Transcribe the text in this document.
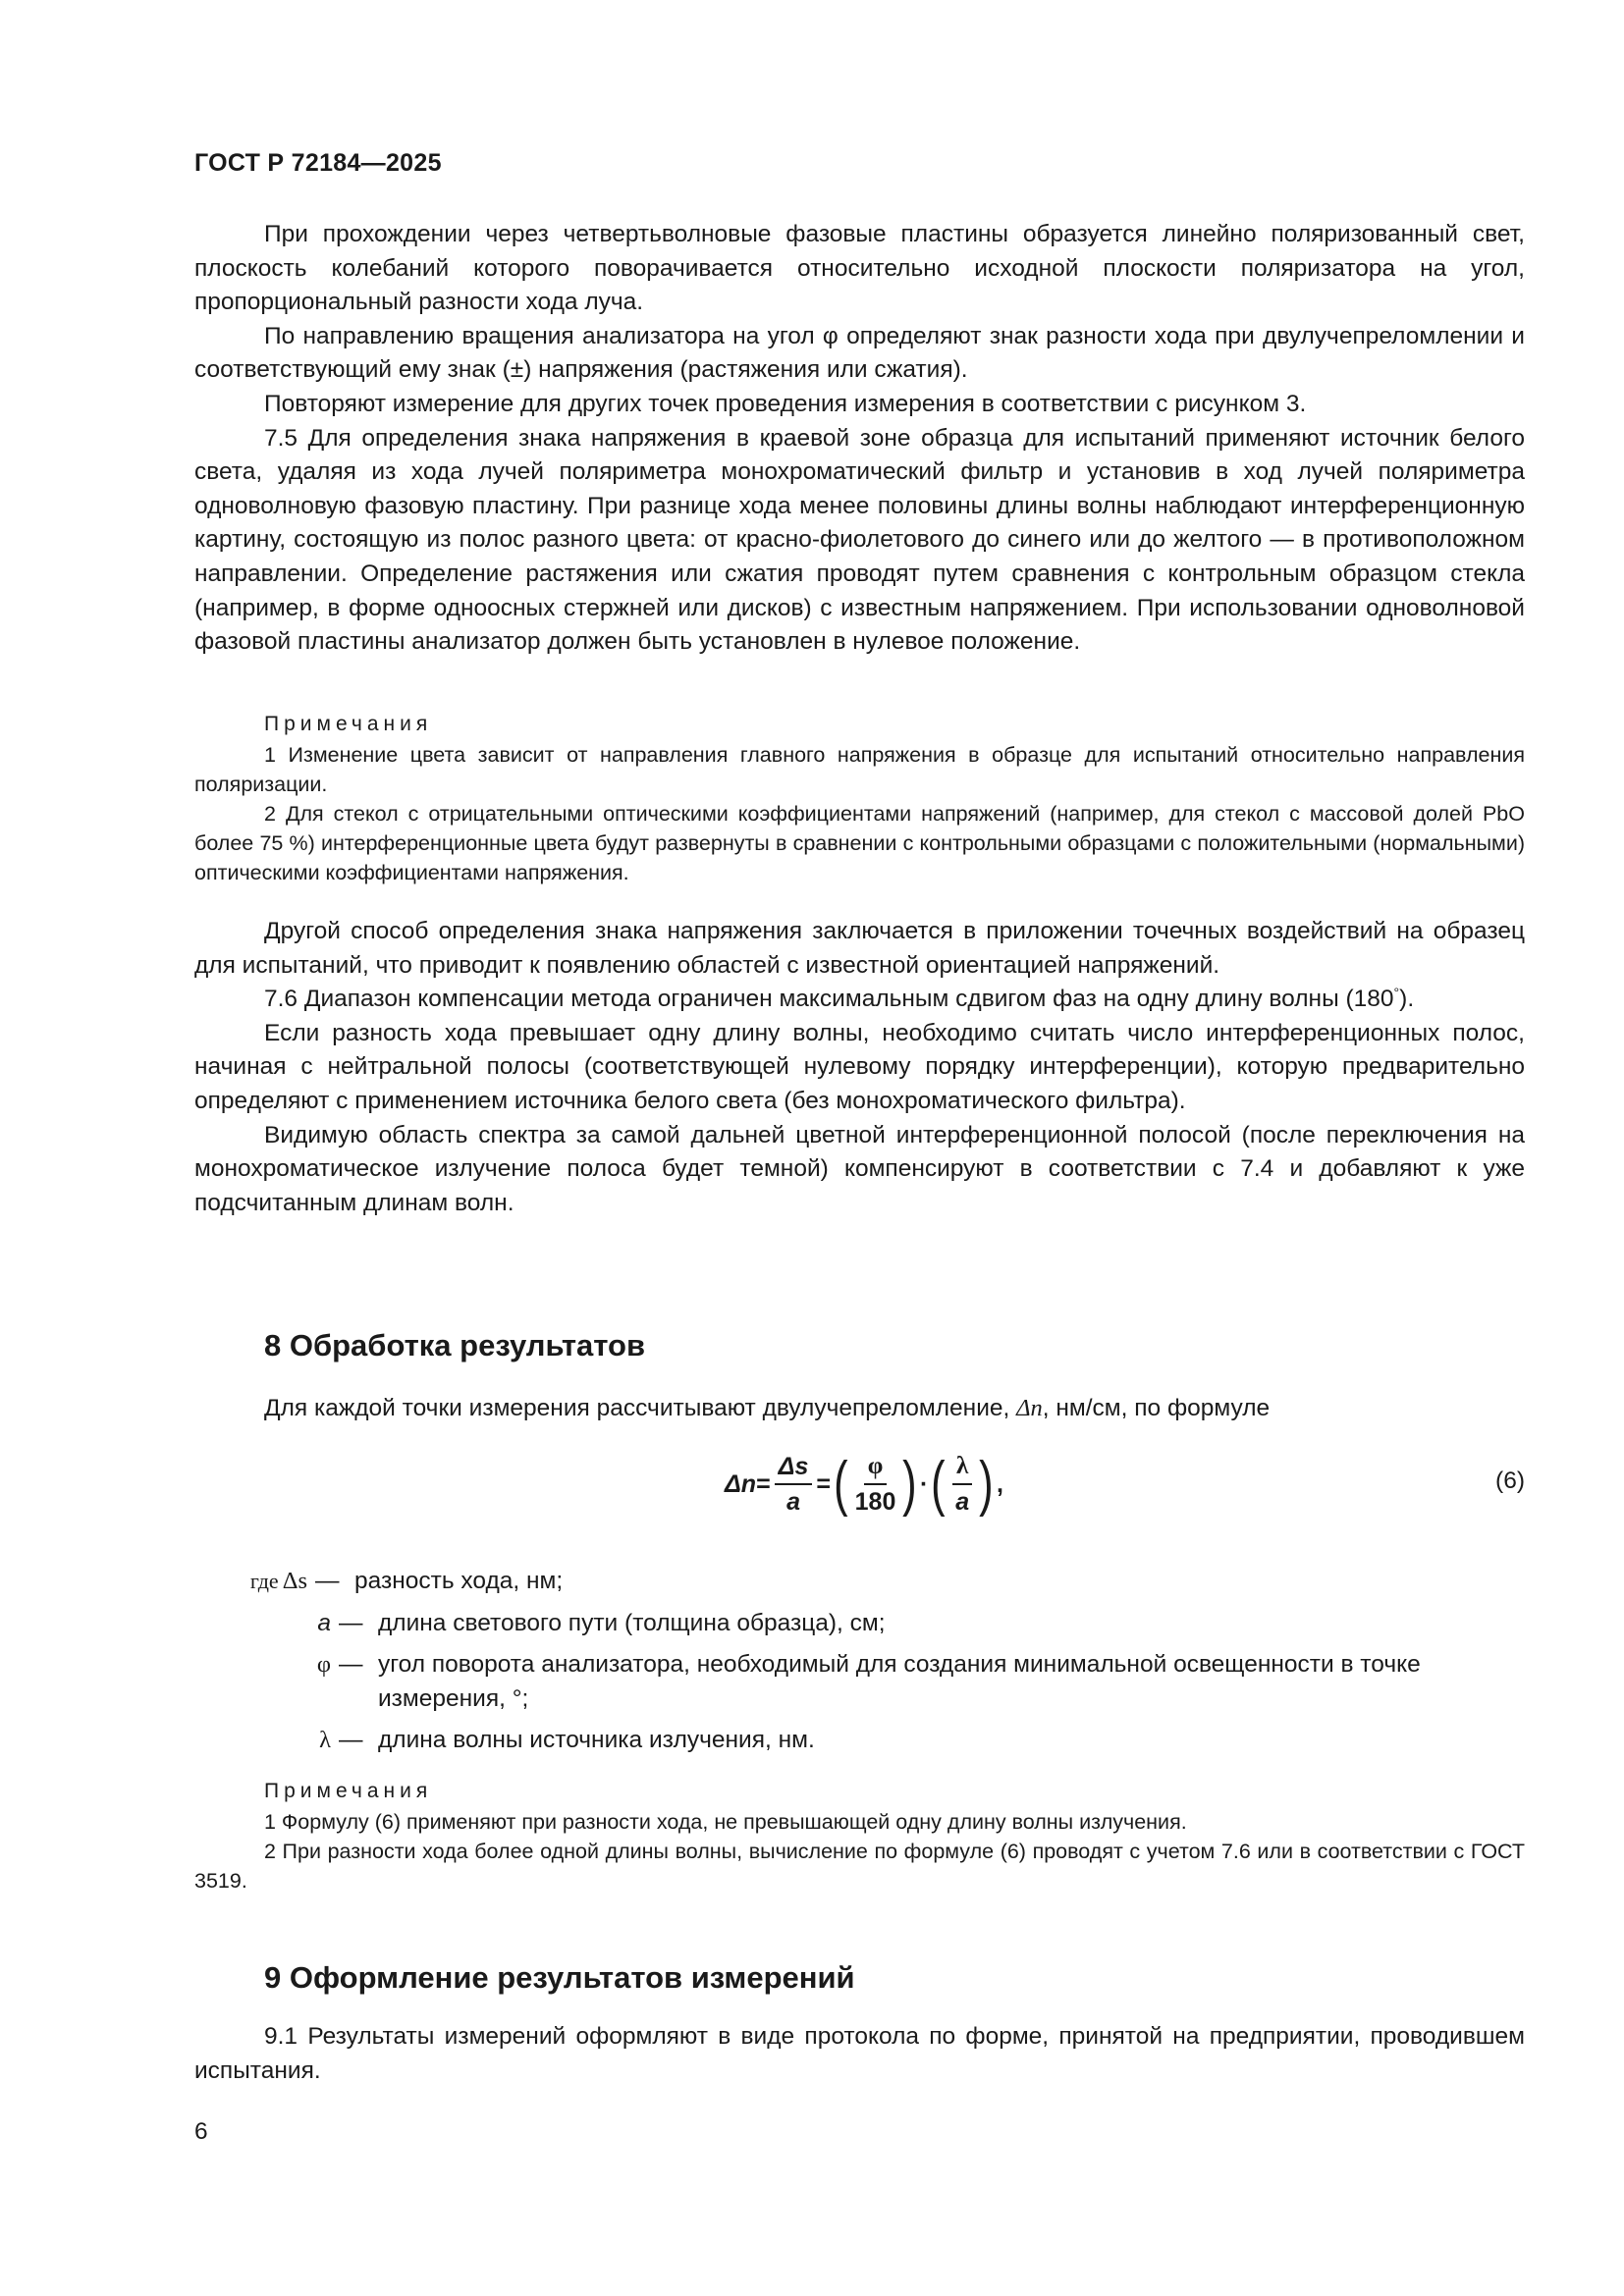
ГОСТ Р 72184—2025

При прохождении через четвертьволновые фазовые пластины образуется линейно поляризованный свет, плоскость колебаний которого поворачивается относительно исходной плоскости поляризатора на угол, пропорциональный разности хода луча.

По направлению вращения анализатора на угол φ определяют знак разности хода при двулучепреломлении и соответствующий ему знак (±) напряжения (растяжения или сжатия).

Повторяют измерение для других точек проведения измерения в соответствии с рисунком 3.

7.5 Для определения знака напряжения в краевой зоне образца для испытаний применяют источник белого света, удаляя из хода лучей поляриметра монохроматический фильтр и установив в ход лучей поляриметра одноволновую фазовую пластину. При разнице хода менее половины длины волны наблюдают интерференционную картину, состоящую из полос разного цвета: от красно-фиолетового до синего или до желтого — в противоположном направлении. Определение растяжения или сжатия проводят путем сравнения с контрольным образцом стекла (например, в форме одноосных стержней или дисков) с известным напряжением. При использовании одноволновой фазовой пластины анализатор должен быть установлен в нулевое положение.

Примечания

1 Изменение цвета зависит от направления главного напряжения в образце для испытаний относительно направления поляризации.

2 Для стекол с отрицательными оптическими коэффициентами напряжений (например, для стекол с массовой долей PbO более 75 %) интерференционные цвета будут развернуты в сравнении с контрольными образцами с положительными (нормальными) оптическими коэффициентами напряжения.

Другой способ определения знака напряжения заключается в приложении точечных воздействий на образец для испытаний, что приводит к появлению областей с известной ориентацией напряжений.

7.6 Диапазон компенсации метода ограничен максимальным сдвигом фаз на одну длину волны (180°).

Если разность хода превышает одну длину волны, необходимо считать число интерференционных полос, начиная с нейтральной полосы (соответствующей нулевому порядку интерференции), которую предварительно определяют с применением источника белого света (без монохроматического фильтра).

Видимую область спектра за самой дальней цветной интерференционной полосой (после переключения на монохроматическое излучение полоса будет темной) компенсируют в соответствии с 7.4 и добавляют к уже подсчитанным длинам волн.

8 Обработка результатов

Для каждой точки измерения рассчитывают двулучепреломление, Δn, нм/см, по формуле

$\Delta n = \frac{\Delta s}{a}$ = ( $\frac{\varphi}{180}$ ) · ( $\frac{\lambda}{a}$ ) ,	(6)
где Δs — разность хода, нм;
a — длина светового пути (толщина образца), см;
φ — угол поворота анализатора, необходимый для создания минимальной освещенности в точке измерения, °;
λ — длина волны источника излучения, нм.

Примечания

1 Формулу (6) применяют при разности хода, не превышающей одну длину волны излучения.

2 При разности хода более одной длины волны, вычисление по формуле (6) проводят с учетом 7.6 или в соответствии с ГОСТ 3519.

9 Оформление результатов измерений

9.1 Результаты измерений оформляют в виде протокола по форме, принятой на предприятии, проводившем испытания.

6
